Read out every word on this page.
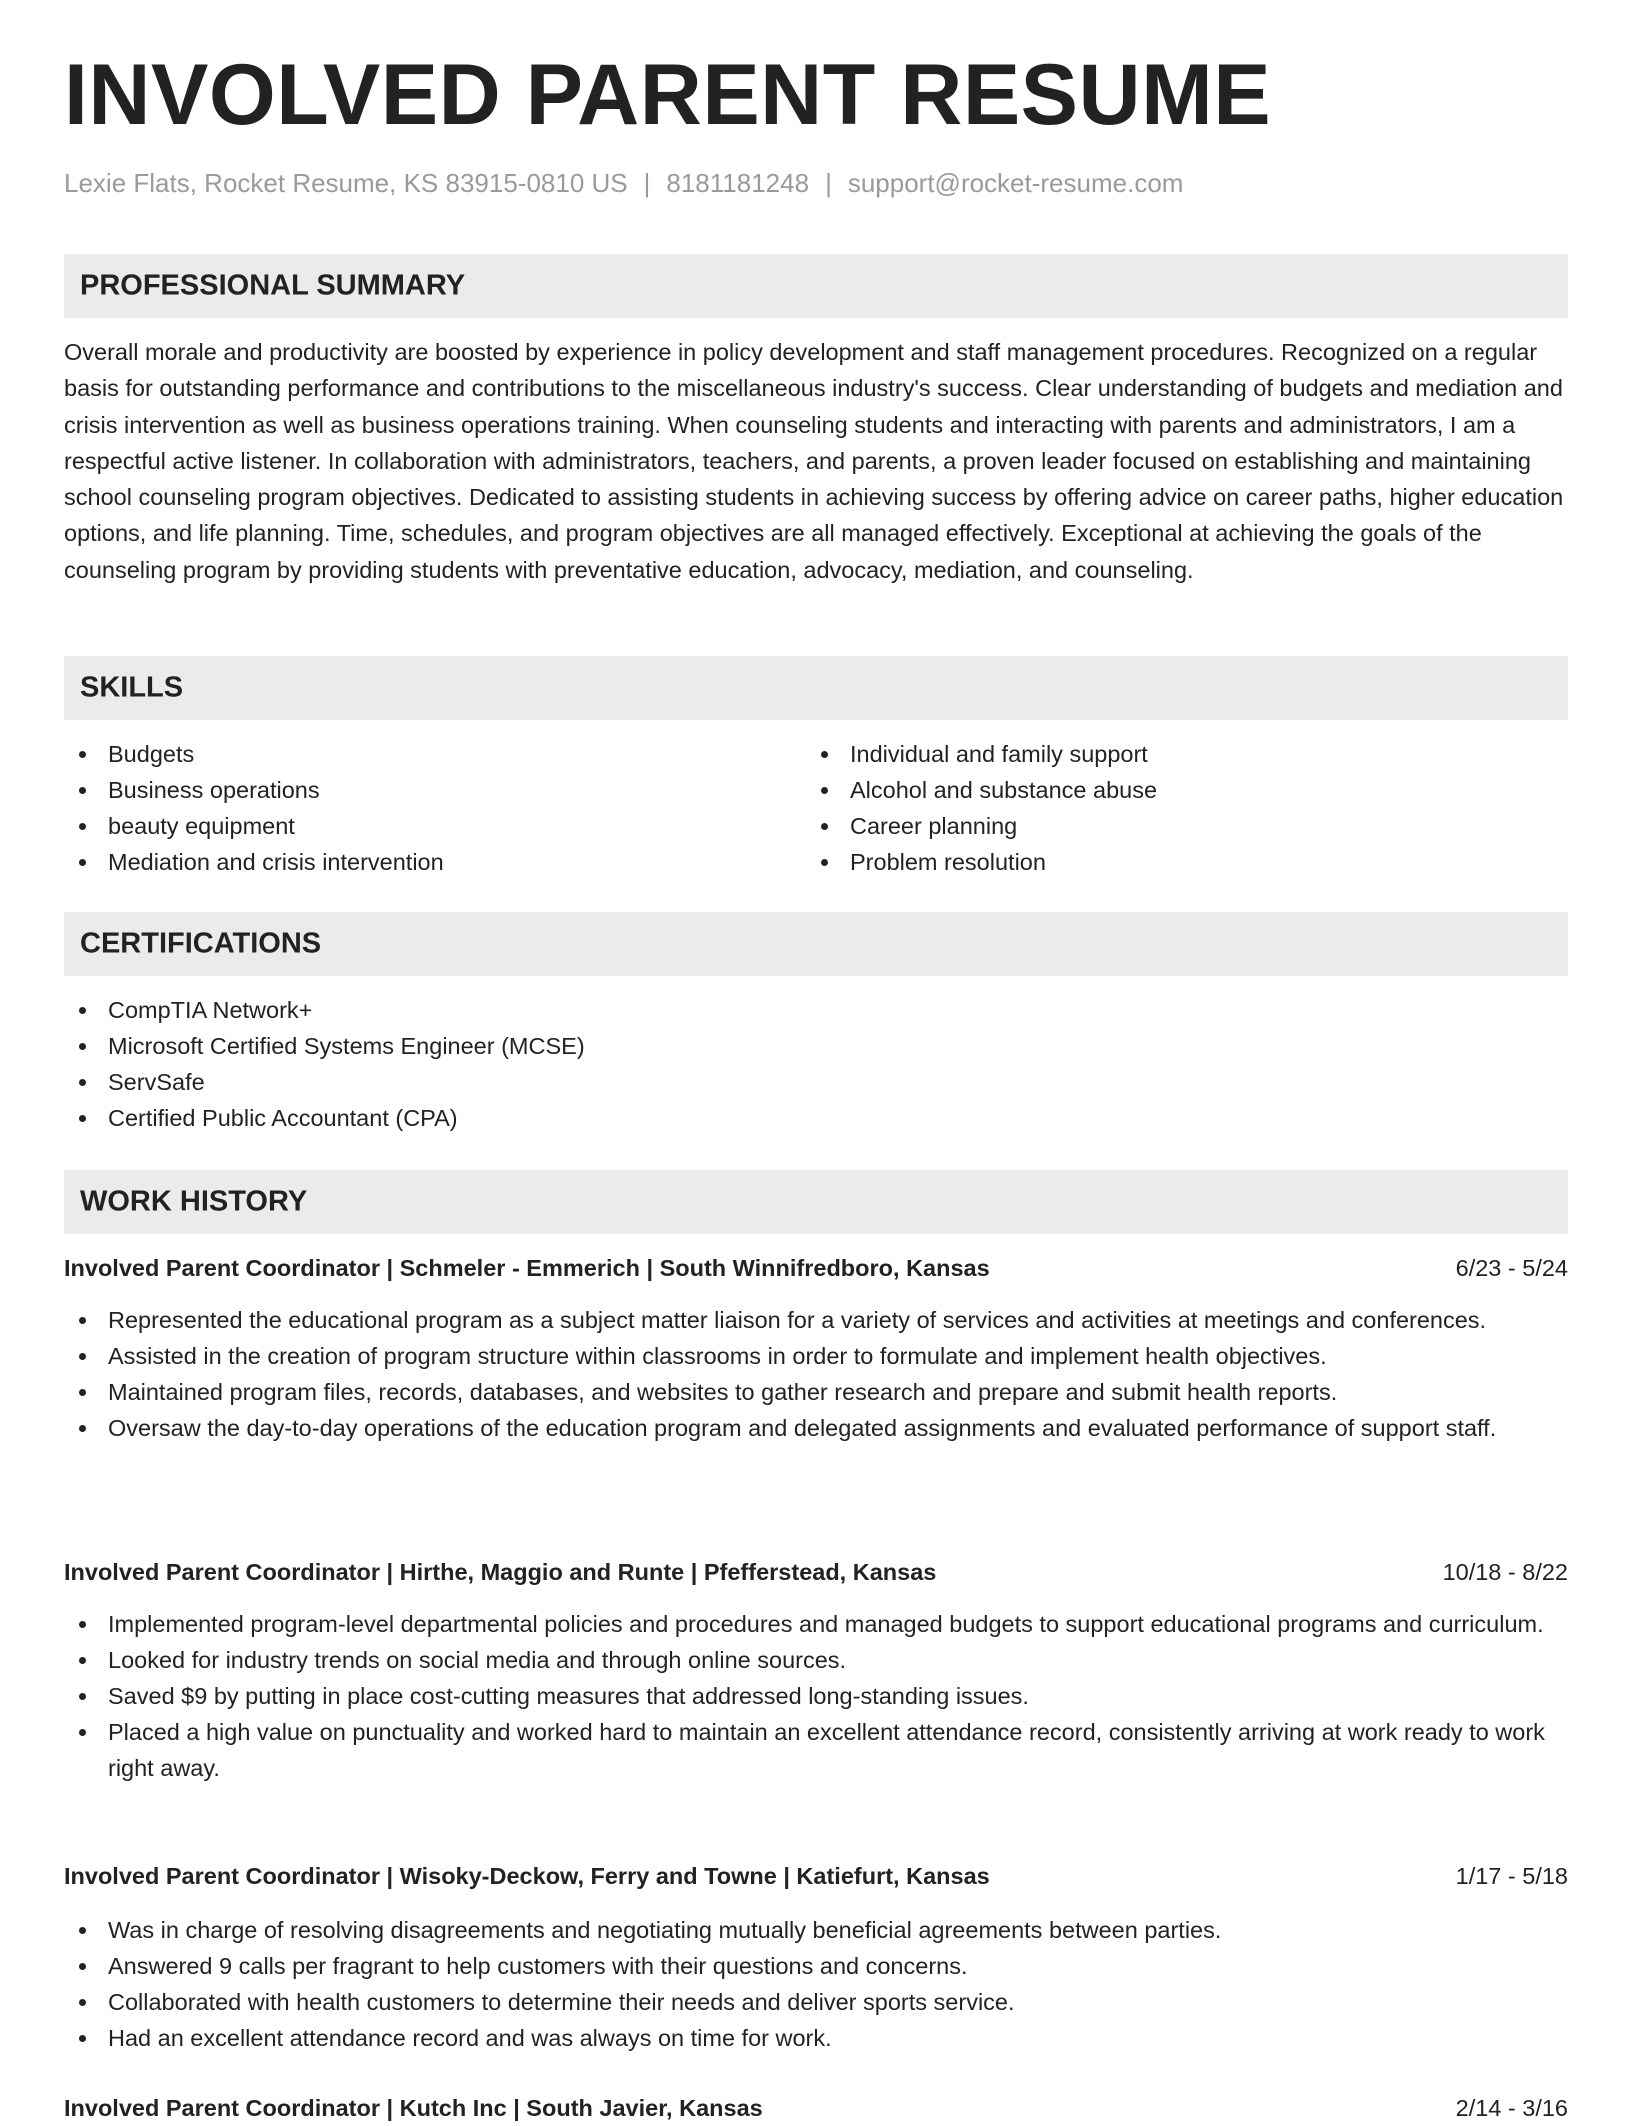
INVOLVED PARENT RESUME
Lexie Flats, Rocket Resume, KS 83915-0810 US | 8181181248 | support@rocket-resume.com
PROFESSIONAL SUMMARY

Overall morale and productivity are boosted by experience in policy development and staff management procedures. Recognized on a regular basis for outstanding performance and contributions to the miscellaneous industry's success. Clear understanding of budgets and mediation and crisis intervention as well as business operations training. When counseling students and interacting with parents and administrators, I am a respectful active listener. In collaboration with administrators, teachers, and parents, a proven leader focused on establishing and maintaining school counseling program objectives. Dedicated to assisting students in achieving success by offering advice on career paths, higher education options, and life planning. Time, schedules, and program objectives are all managed effectively. Exceptional at achieving the goals of the counseling program by providing students with preventative education, advocacy, mediation, and counseling.

SKILLS
Budgets
Business operations
beauty equipment
Mediation and crisis intervention
Individual and family support
Alcohol and substance abuse
Career planning
Problem resolution
CERTIFICATIONS
CompTIA Network+
Microsoft Certified Systems Engineer (MCSE)
ServSafe
Certified Public Accountant (CPA)
WORK HISTORY
Involved Parent Coordinator | Schmeler - Emmerich | South Winnifredboro, Kansas	6/23 - 5/24
Represented the educational program as a subject matter liaison for a variety of services and activities at meetings and conferences.
Assisted in the creation of program structure within classrooms in order to formulate and implement health objectives.
Maintained program files, records, databases, and websites to gather research and prepare and submit health reports.
Oversaw the day-to-day operations of the education program and delegated assignments and evaluated performance of support staff.
Involved Parent Coordinator | Hirthe, Maggio and Runte | Pfefferstead, Kansas	10/18 - 8/22
Implemented program-level departmental policies and procedures and managed budgets to support educational programs and curriculum.
Looked for industry trends on social media and through online sources.
Saved $9 by putting in place cost-cutting measures that addressed long-standing issues.
Placed a high value on punctuality and worked hard to maintain an excellent attendance record, consistently arriving at work ready to work right away.
Involved Parent Coordinator | Wisoky-Deckow, Ferry and Towne | Katiefurt, Kansas	1/17 - 5/18
Was in charge of resolving disagreements and negotiating mutually beneficial agreements between parties.
Answered 9 calls per fragrant to help customers with their questions and concerns.
Collaborated with health customers to determine their needs and deliver sports service.
Had an excellent attendance record and was always on time for work.
Involved Parent Coordinator | Kutch Inc | South Javier, Kansas	2/14 - 3/16
